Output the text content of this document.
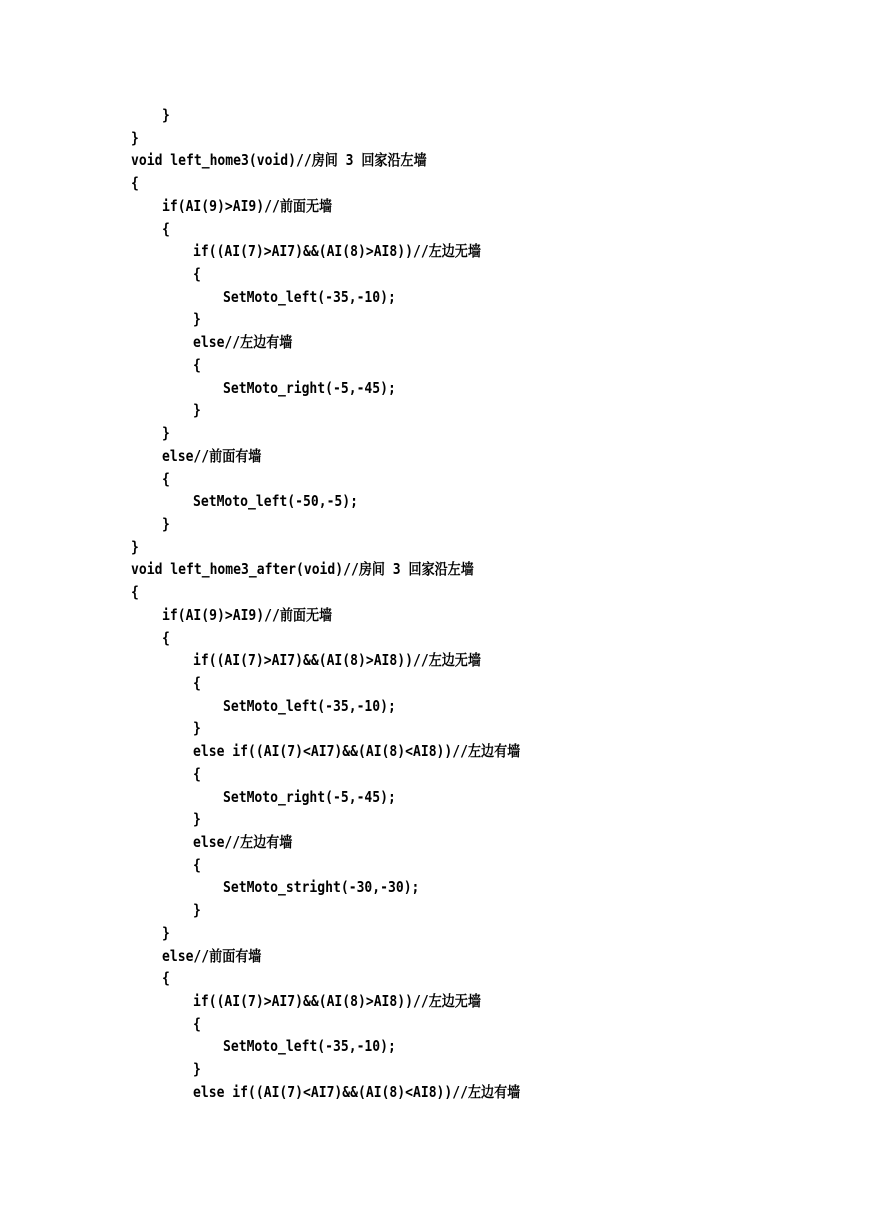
}
}
void left_home3(void)//房间 3 回家沿左墙
{
if(AI(9)>AI9)//前面无墙
{
if((AI(7)>AI7)&&(AI(8)>AI8))//左边无墙
{
SetMoto_left(-35,-10);
}
else//左边有墙
{
SetMoto_right(-5,-45);
}
}
else//前面有墙
{
SetMoto_left(-50,-5);
}
}
void left_home3_after(void)//房间 3 回家沿左墙
{
if(AI(9)>AI9)//前面无墙
{
if((AI(7)>AI7)&&(AI(8)>AI8))//左边无墙
{
SetMoto_left(-35,-10);
}
else if((AI(7)<AI7)&&(AI(8)<AI8))//左边有墙
{
SetMoto_right(-5,-45);
}
else//左边有墙
{
SetMoto_stright(-30,-30);
}
}
else//前面有墙
{
if((AI(7)>AI7)&&(AI(8)>AI8))//左边无墙
{
SetMoto_left(-35,-10);
}
else if((AI(7)<AI7)&&(AI(8)<AI8))//左边有墙
